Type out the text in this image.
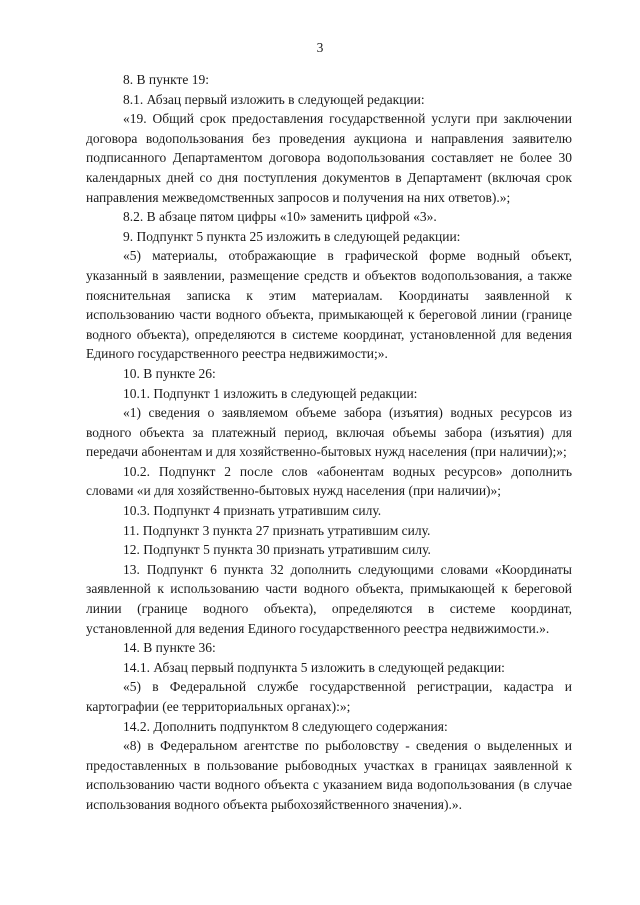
3

8. В пункте 19:

8.1. Абзац первый изложить в следующей редакции:

«19. Общий срок предоставления государственной услуги при заключении договора водопользования без проведения аукциона и направления заявителю подписанного Департаментом договора водопользования составляет не более 30 календарных дней со дня поступления документов в Департамент (включая срок направления межведомственных запросов и получения на них ответов).»;

8.2. В абзаце пятом цифры «10» заменить цифрой «3».

9. Подпункт 5 пункта 25 изложить в следующей редакции:

«5) материалы, отображающие в графической форме водный объект, указанный в заявлении, размещение средств и объектов водопользования, а также пояснительная записка к этим материалам. Координаты заявленной к использованию части водного объекта, примыкающей к береговой линии (границе водного объекта), определяются в системе координат, установленной для ведения Единого государственного реестра недвижимости;».

10. В пункте 26:

10.1. Подпункт 1 изложить в следующей редакции:

«1) сведения о заявляемом объеме забора (изъятия) водных ресурсов из водного объекта за платежный период, включая объемы забора (изъятия) для передачи абонентам и для хозяйственно-бытовых нужд населения (при наличии);»;

10.2. Подпункт 2 после слов «абонентам водных ресурсов» дополнить словами «и для хозяйственно-бытовых нужд населения (при наличии)»;

10.3. Подпункт 4 признать утратившим силу.

11. Подпункт 3 пункта 27 признать утратившим силу.

12. Подпункт 5 пункта 30 признать утратившим силу.

13. Подпункт 6 пункта 32 дополнить следующими словами «Координаты заявленной к использованию части водного объекта, примыкающей к береговой линии (границе водного объекта), определяются в системе координат, установленной для ведения Единого государственного реестра недвижимости.».

14. В пункте 36:

14.1. Абзац первый подпункта 5 изложить в следующей редакции:

«5) в Федеральной службе государственной регистрации, кадастра и картографии (ее территориальных органах):»;

14.2. Дополнить подпунктом 8 следующего содержания:

«8) в Федеральном агентстве по рыболовству - сведения о выделенных и предоставленных в пользование рыбоводных участках в границах заявленной к использованию части водного объекта с указанием вида водопользования (в случае использования водного объекта рыбохозяйственного значения).».
